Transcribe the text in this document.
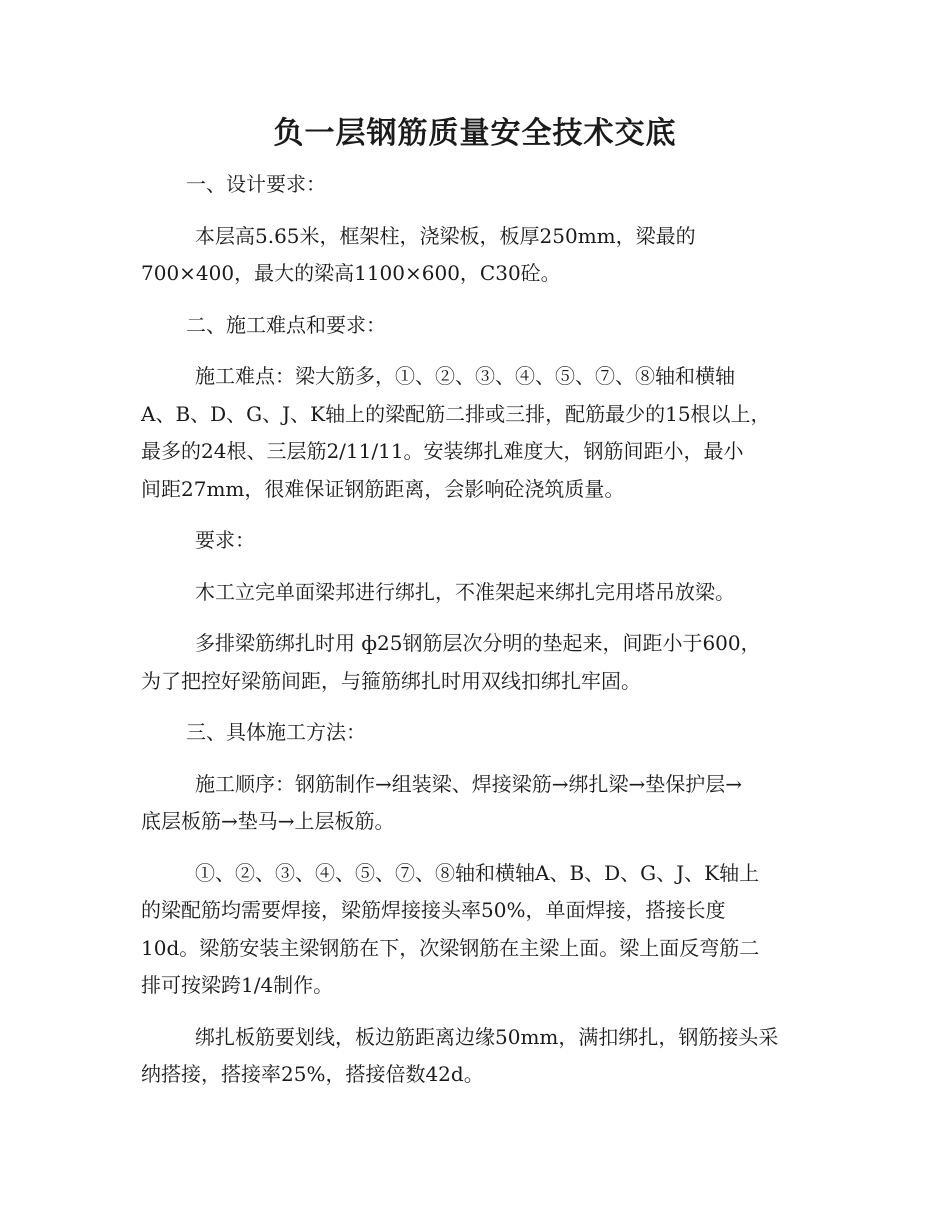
负一层钢筋质量安全技术交底

一、设计要求：

本层高5.65米，框架柱，浇梁板，板厚250mm，梁最的
700×400，最大的梁高1100×600，C30砼。

二、施工难点和要求：

施工难点：梁大筋多，①、②、③、④、⑤、⑦、⑧轴和横轴
A、B、D、G、J、K轴上的梁配筋二排或三排，配筋最少的15根以上，
最多的24根、三层筋2/11/11。安装绑扎难度大，钢筋间距小，最小
间距27mm，很难保证钢筋距离，会影响砼浇筑质量。

要求：

木工立完单面梁邦进行绑扎，不准架起来绑扎完用塔吊放梁。

多排梁筋绑扎时用 ф25钢筋层次分明的垫起来，间距小于600，
为了把控好梁筋间距，与箍筋绑扎时用双线扣绑扎牢固。

三、具体施工方法：

施工顺序：钢筋制作→组装梁、焊接梁筋→绑扎梁→垫保护层→
底层板筋→垫马→上层板筋。

①、②、③、④、⑤、⑦、⑧轴和横轴A、B、D、G、J、K轴上
的梁配筋均需要焊接，梁筋焊接接头率50%，单面焊接，搭接长度
10d。梁筋安装主梁钢筋在下，次梁钢筋在主梁上面。梁上面反弯筋二
排可按梁跨1/4制作。

绑扎板筋要划线，板边筋距离边缘50mm，满扣绑扎，钢筋接头采
纳搭接，搭接率25%，搭接倍数42d。
